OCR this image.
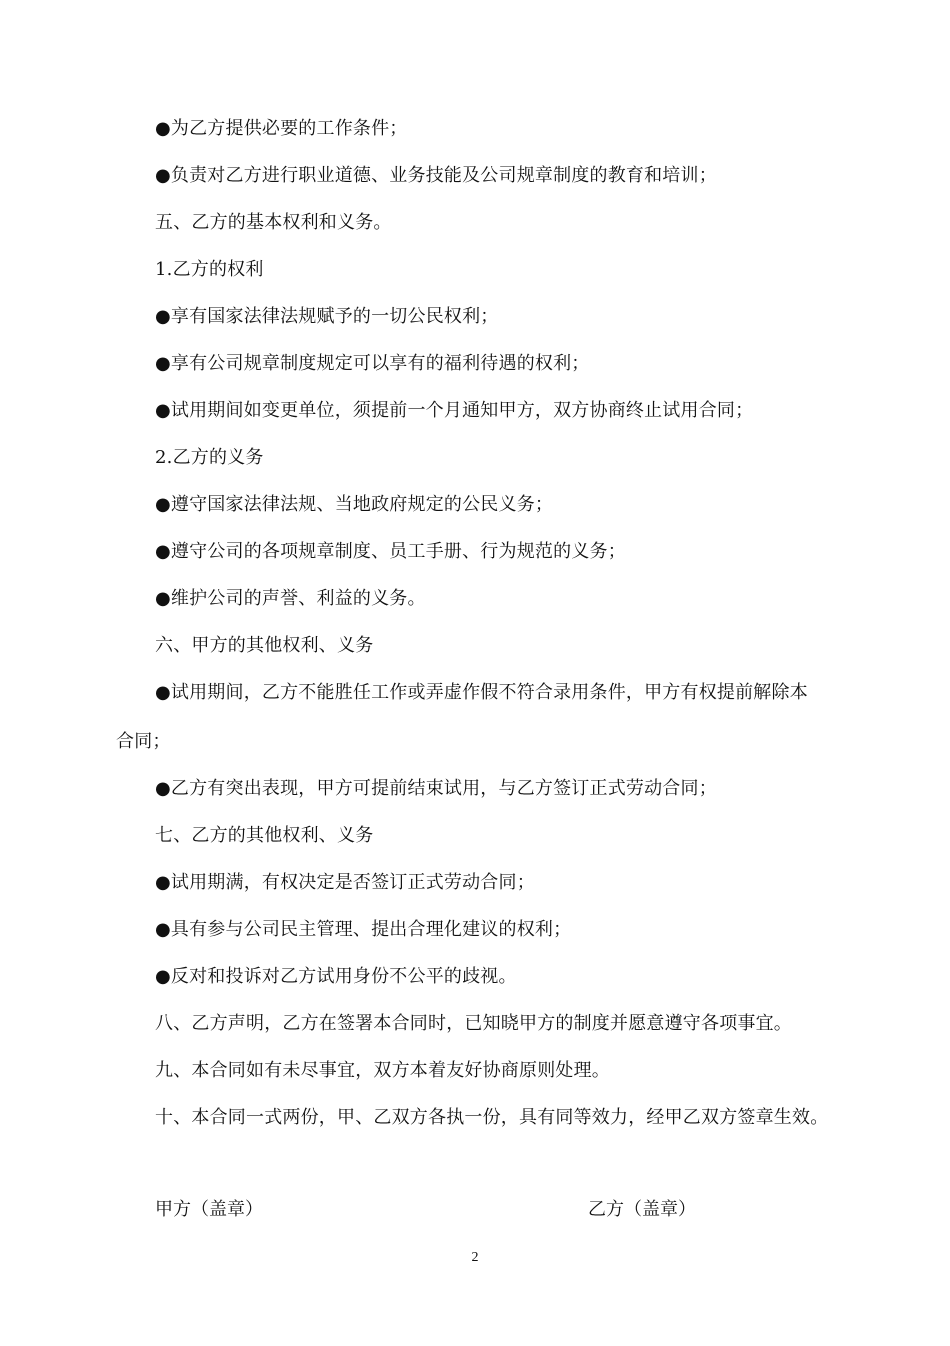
●为乙方提供必要的工作条件；
●负责对乙方进行职业道德、业务技能及公司规章制度的教育和培训；
五、乙方的基本权利和义务。
1.乙方的权利
●享有国家法律法规赋予的一切公民权利；
●享有公司规章制度规定可以享有的福利待遇的权利；
●试用期间如变更单位，须提前一个月通知甲方，双方协商终止试用合同；
2.乙方的义务
●遵守国家法律法规、当地政府规定的公民义务；
●遵守公司的各项规章制度、员工手册、行为规范的义务；
●维护公司的声誉、利益的义务。
六、甲方的其他权利、义务
●试用期间，乙方不能胜任工作或弄虚作假不符合录用条件，甲方有权提前解除本
合同；
●乙方有突出表现，甲方可提前结束试用，与乙方签订正式劳动合同；
七、乙方的其他权利、义务
●试用期满，有权决定是否签订正式劳动合同；
●具有参与公司民主管理、提出合理化建议的权利；
●反对和投诉对乙方试用身份不公平的歧视。
八、乙方声明，乙方在签署本合同时，已知晓甲方的制度并愿意遵守各项事宜。
九、本合同如有未尽事宜，双方本着友好协商原则处理。
十、本合同一式两份，甲、乙双方各执一份，具有同等效力，经甲乙双方签章生效。
甲方（盖章）	乙方（盖章）
2
